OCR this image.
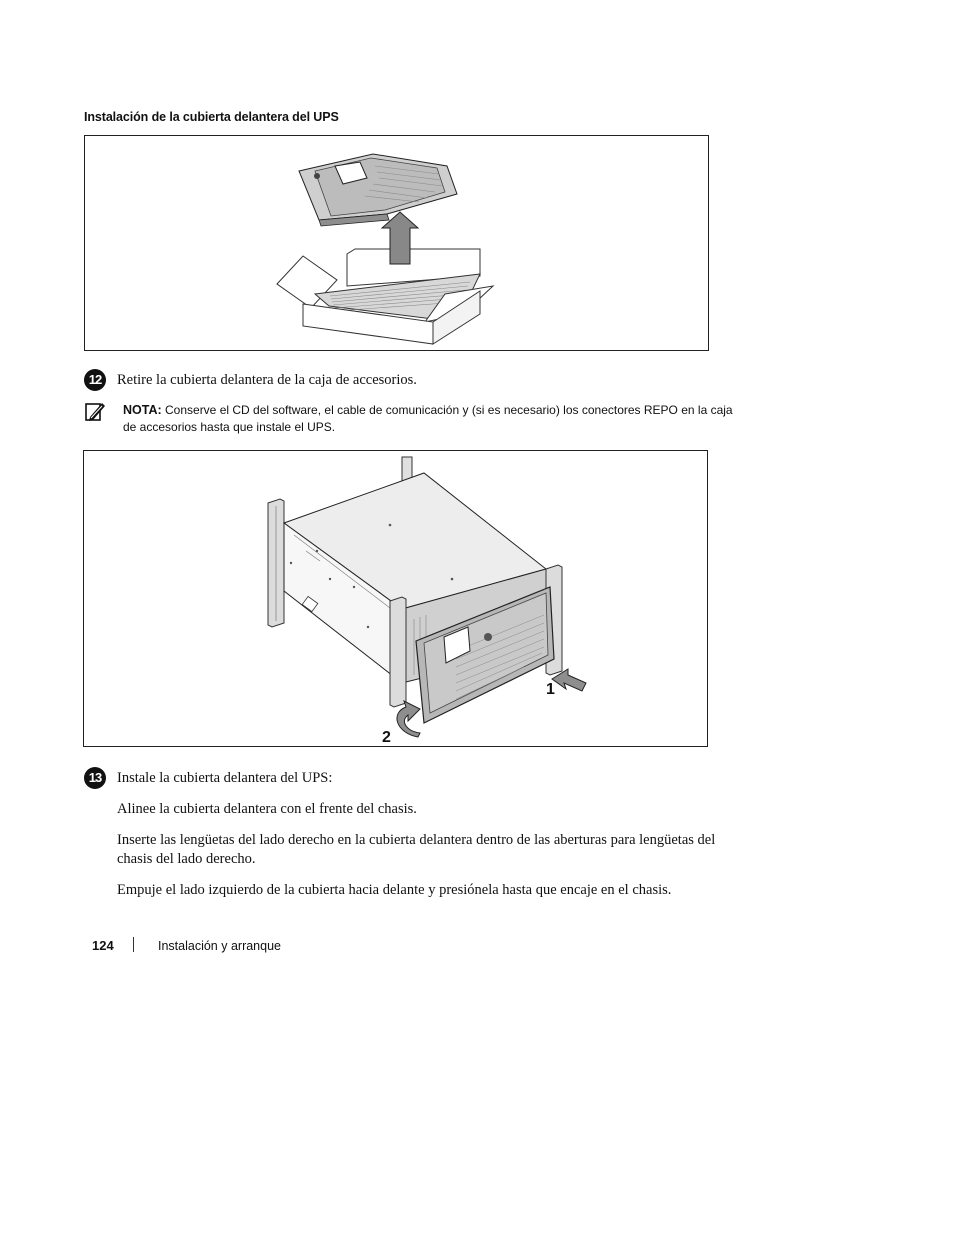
Instalación de la cubierta delantera del UPS
12	Retire la cubierta delantera de la caja de accesorios.
NOTA: Conserve el CD del software, el cable de comunicación y (si es necesario) los conectores REPO en la caja de accesorios hasta que instale el UPS.
1
2
13	Instale la cubierta delantera del UPS:
Alinee la cubierta delantera con el frente del chasis.
Inserte las lengüetas del lado derecho en la cubierta delantera dentro de las aberturas para lengüetas del chasis del lado derecho.
Empuje el lado izquierdo de la cubierta hacia delante y presiónela hasta que encaje en el chasis.
124	Instalación y arranque
